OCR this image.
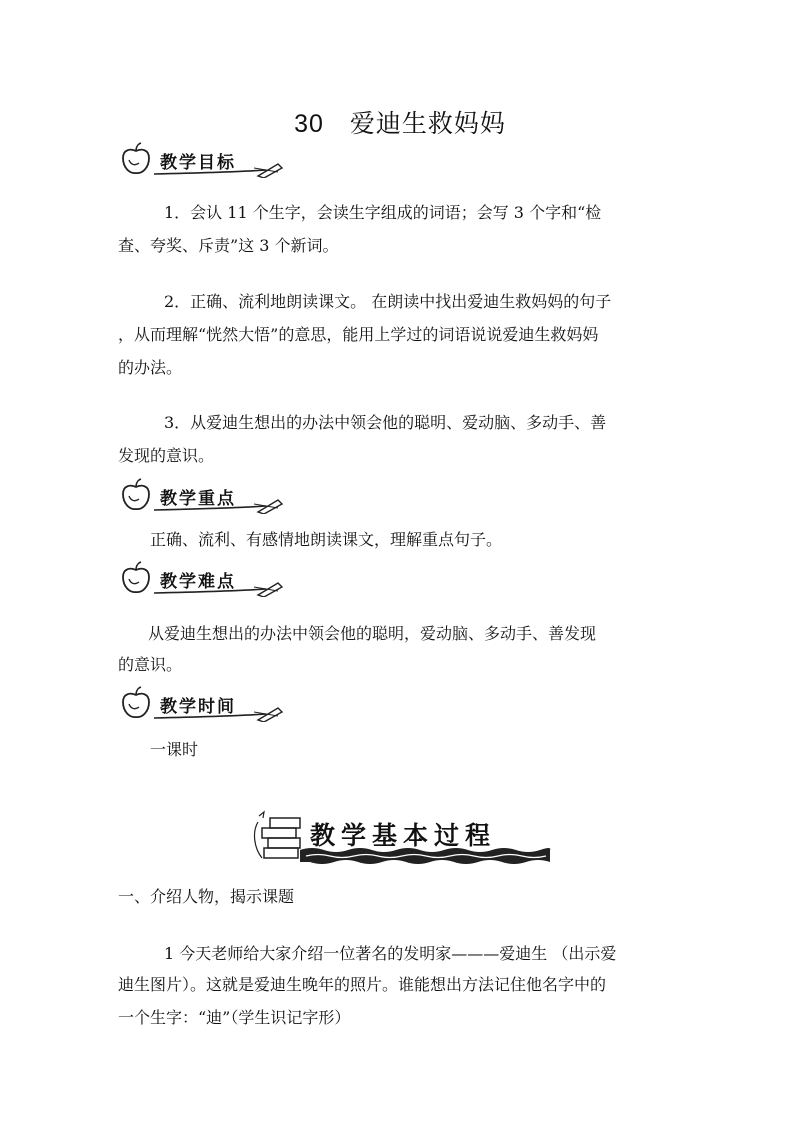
30 爱迪生救妈妈
教学目标

1．会认 11 个生字，会读生字组成的词语；会写 3 个字和“检

查、夸奖、斥责”这 3 个新词。

2．正确、流利地朗读课文。 在朗读中找出爱迪生救妈妈的句子

，从而理解“恍然大悟”的意思，能用上学过的词语说说爱迪生救妈妈
的办法。

3．从爱迪生想出的办法中领会他的聪明、爱动脑、多动手、善

发现的意识。

教学重点

正确、流利、有感情地朗读课文，理解重点句子。

教学难点

从爱迪生想出的办法中领会他的聪明，爱动脑、多动手、善发现

的意识。

教学时间

一课时

教学基本过程

一、介绍人物，揭示课题

1 今天老师给大家介绍一位著名的发明家———爱迪生 （出示爱

迪生图片）。这就是爱迪生晚年的照片。谁能想出方法记住他名字中的
一个生字：“迪”（学生识记字形）
